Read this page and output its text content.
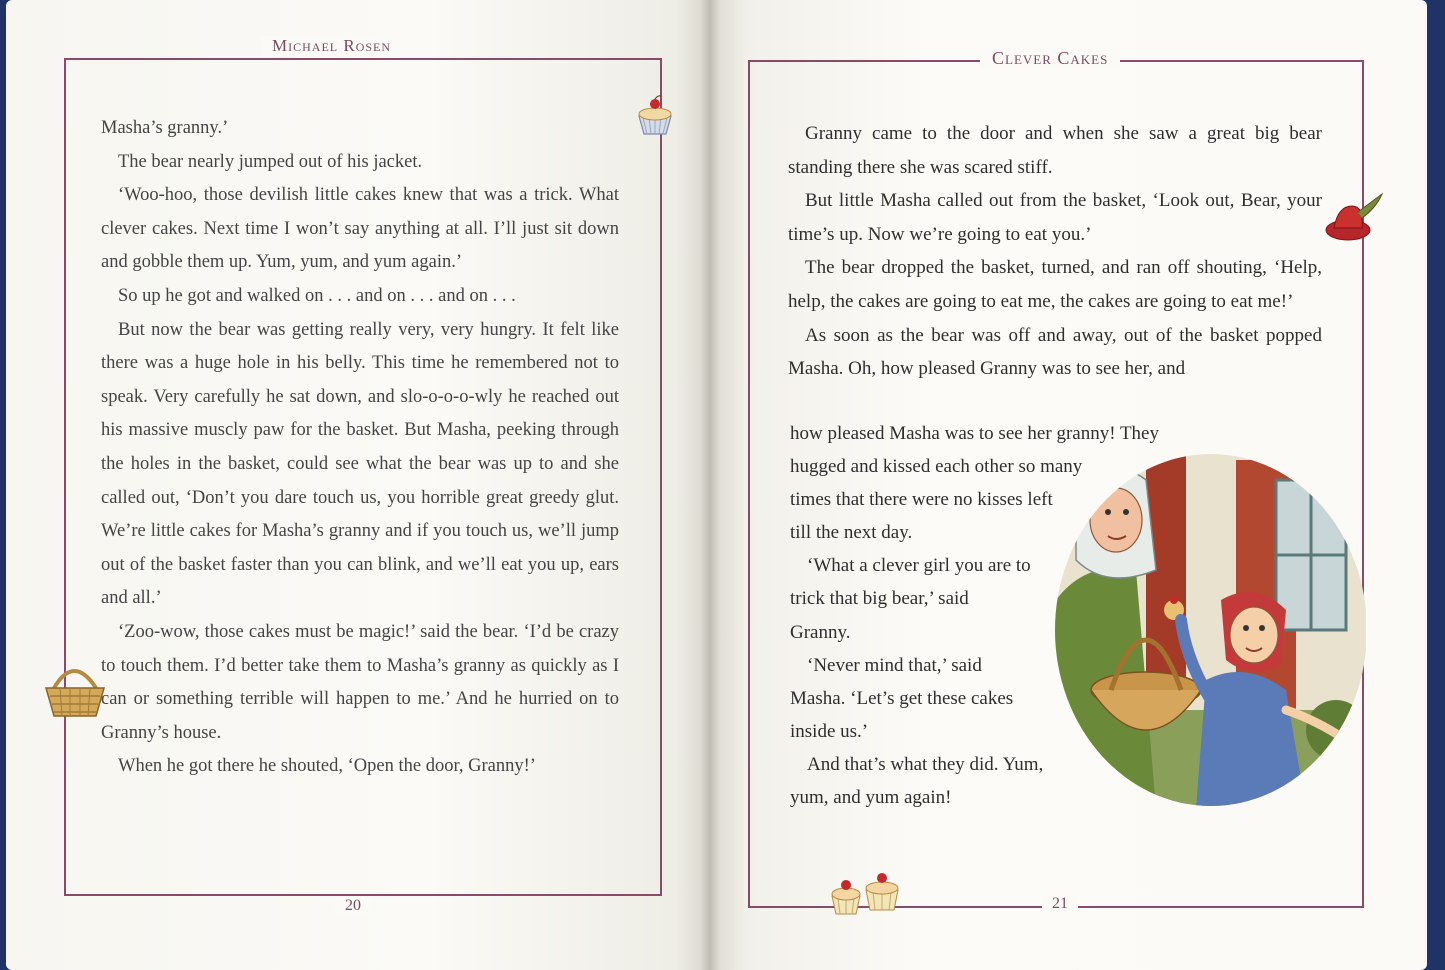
Michael Rosen
20

Masha’s granny.’

The bear nearly jumped out of his jacket.

‘Woo-hoo, those devilish little cakes knew that was a trick. What clever cakes. Next time I won’t say anything at all. I’ll just sit down and gobble them up. Yum, yum, and yum again.’

So up he got and walked on . . . and on . . . and on . . .

But now the bear was getting really very, very hungry. It felt like there was a huge hole in his belly. This time he remembered not to speak. Very carefully he sat down, and slo-o-o-o-wly he reached out his massive muscly paw for the basket. But Masha, peeking through the holes in the basket, could see what the bear was up to and she called out, ‘Don’t you dare touch us, you horrible great greedy glut. We’re little cakes for Masha’s granny and if you touch us, we’ll jump out of the basket faster than you can blink, and we’ll eat you up, ears and all.’

‘Zoo-wow, those cakes must be magic!’ said the bear. ‘I’d be crazy to touch them. I’d better take them to Masha’s granny as quickly as I can or something terrible will happen to me.’ And he hurried on to Granny’s house.

When he got there he shouted, ‘Open the door, Granny!’

Clever Cakes
21

Granny came to the door and when she saw a great big bear standing there she was scared stiff.

But little Masha called out from the basket, ‘Look out, Bear, your time’s up. Now we’re going to eat you.’

The bear dropped the basket, turned, and ran off shouting, ‘Help, help, the cakes are going to eat me, the cakes are going to eat me!’

As soon as the bear was off and away, out of the basket popped Masha. Oh, how pleased Granny was to see her, and

how pleased Masha was to see her granny! They hugged and kissed each other so many times that there were no kisses left till the next day.

‘What a clever girl you are to trick that big bear,’ said Granny.

‘Never mind that,’ said Masha. ‘Let’s get these cakes inside us.’

And that’s what they did. Yum, yum, and yum again!
